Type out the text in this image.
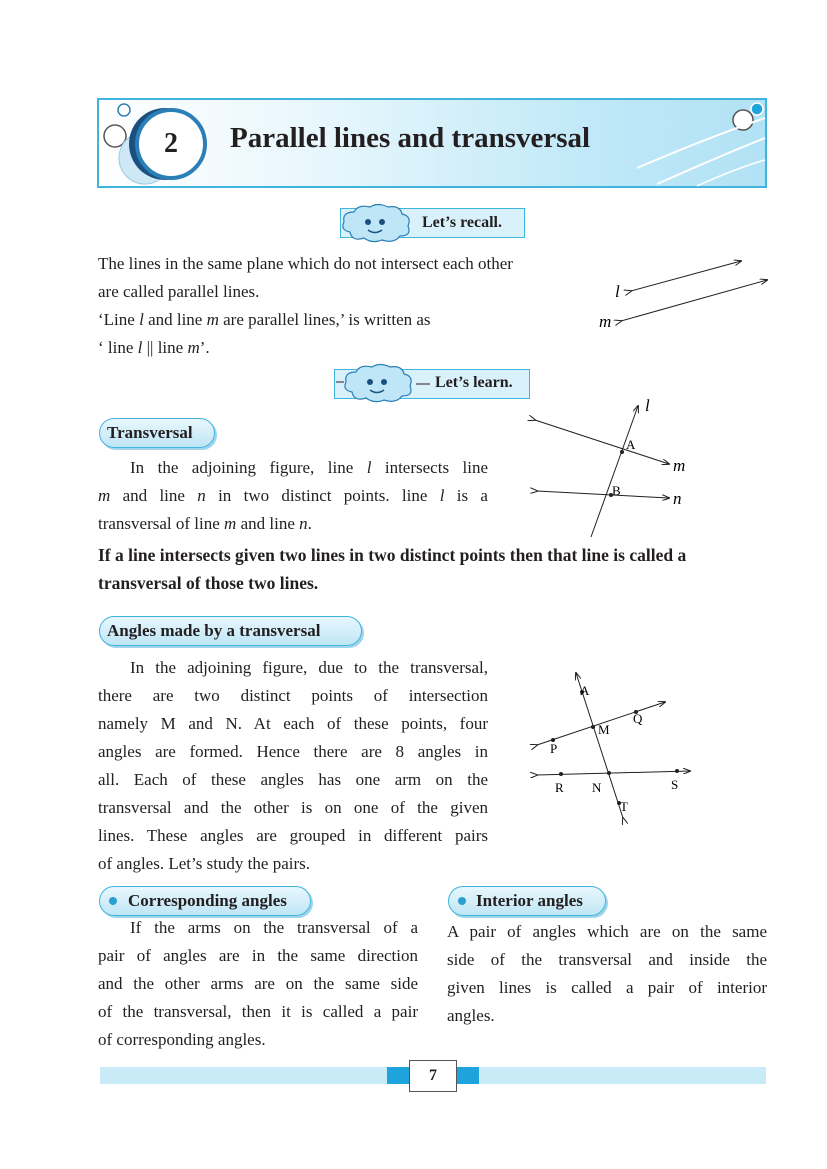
2	Parallel lines and transversal
Let’s recall.

The lines in the same plane which do not intersect each other

are called parallel lines.

‘Line l and line m are parallel lines,’ is written as

‘ line l || line m’.

l
m
Let’s learn.
Transversal

In the adjoining figure, line l intersects line

m and line n in two distinct points. line l is a

transversal of line m and line n.

l
m
n
A
B

If a line intersects given two lines in two distinct points then that line is called a

transversal of those two lines.

Angles made by a transversal

In the adjoining figure, due to the transversal,

there are two distinct points of intersection

namely M and N. At each of these points, four

angles are formed. Hence there are 8 angles in

all. Each of these angles has one arm on the

transversal and the other is on one of the given

lines. These angles are grouped in different pairs

of angles. Let’s study the pairs.

A
M
Q
P
R N	S
T
Corresponding angles

If the arms on the transversal of a

pair of angles are in the same direction

and the other arms are on the same side

of the transversal, then it is called a pair

of corresponding angles.

Interior angles

A pair of angles which are on the same

side of the transversal and inside the

given lines is called a pair of interior

angles.

7
